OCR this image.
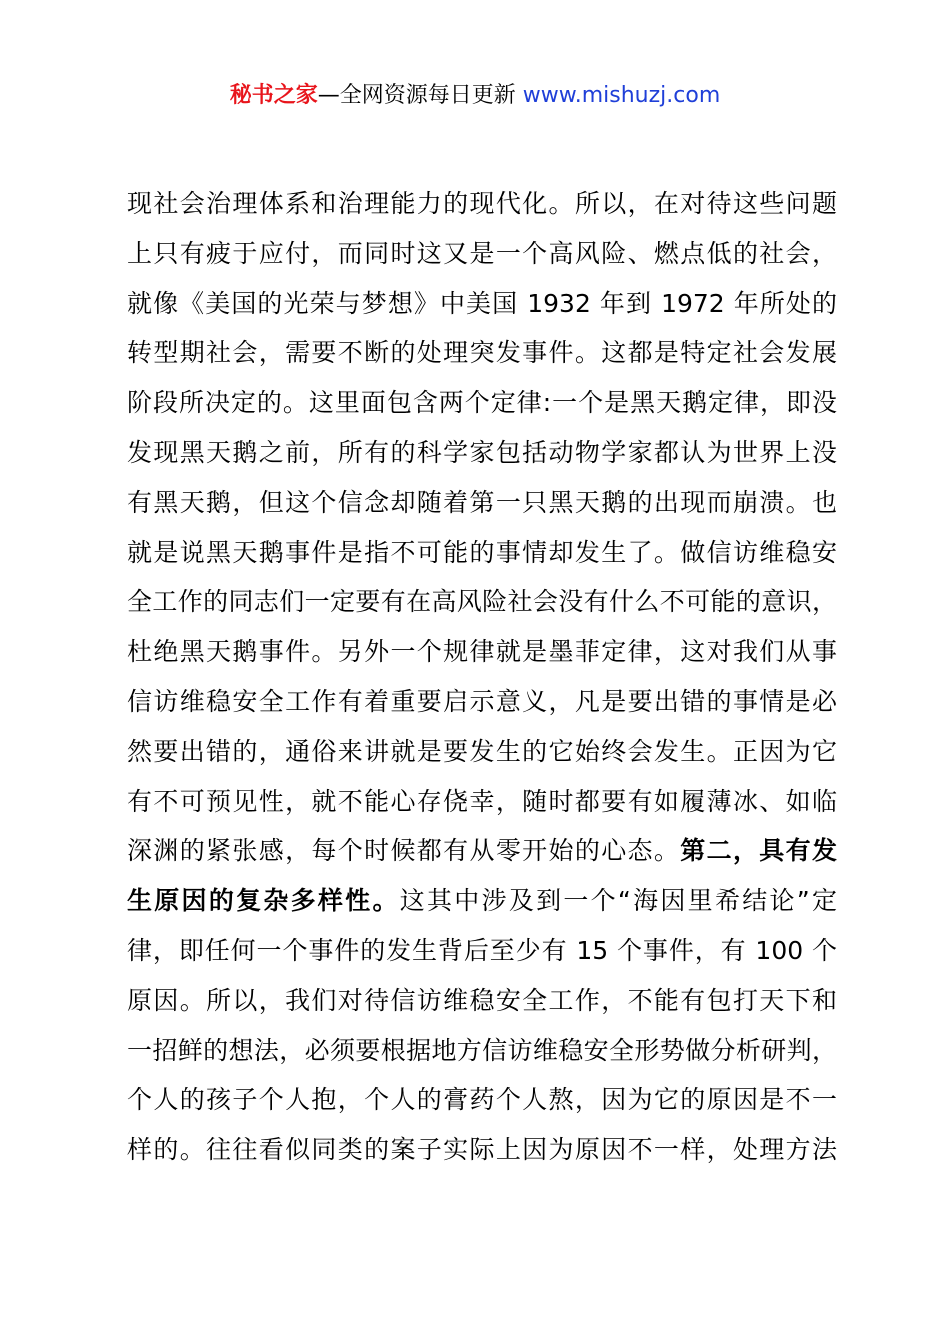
秘书之家—全网资源每日更新 www.mishuzj.com
现社会治理体系和治理能力的现代化。所以，在对待这些问题
上只有疲于应付，而同时这又是一个高风险、燃点低的社会，
就像《美国的光荣与梦想》中美国 1932 年到 1972 年所处的
转型期社会，需要不断的处理突发事件。这都是特定社会发展
阶段所决定的。这里面包含两个定律:一个是黑天鹅定律，即没
发现黑天鹅之前，所有的科学家包括动物学家都认为世界上没
有黑天鹅，但这个信念却随着第一只黑天鹅的出现而崩溃。也
就是说黑天鹅事件是指不可能的事情却发生了。做信访维稳安
全工作的同志们一定要有在高风险社会没有什么不可能的意识，
杜绝黑天鹅事件。另外一个规律就是墨菲定律，这对我们从事
信访维稳安全工作有着重要启示意义，凡是要出错的事情是必
然要出错的，通俗来讲就是要发生的它始终会发生。正因为它
有不可预见性，就不能心存侥幸，随时都要有如履薄冰、如临
深渊的紧张感，每个时候都有从零开始的心态。第二，具有发
生原因的复杂多样性。这其中涉及到一个“海因里希结论”定
律，即任何一个事件的发生背后至少有 15 个事件，有 100 个
原因。所以，我们对待信访维稳安全工作，不能有包打天下和
一招鲜的想法，必须要根据地方信访维稳安全形势做分析研判，
个人的孩子个人抱，个人的膏药个人熬，因为它的原因是不一
样的。往往看似同类的案子实际上因为原因不一样，处理方法
